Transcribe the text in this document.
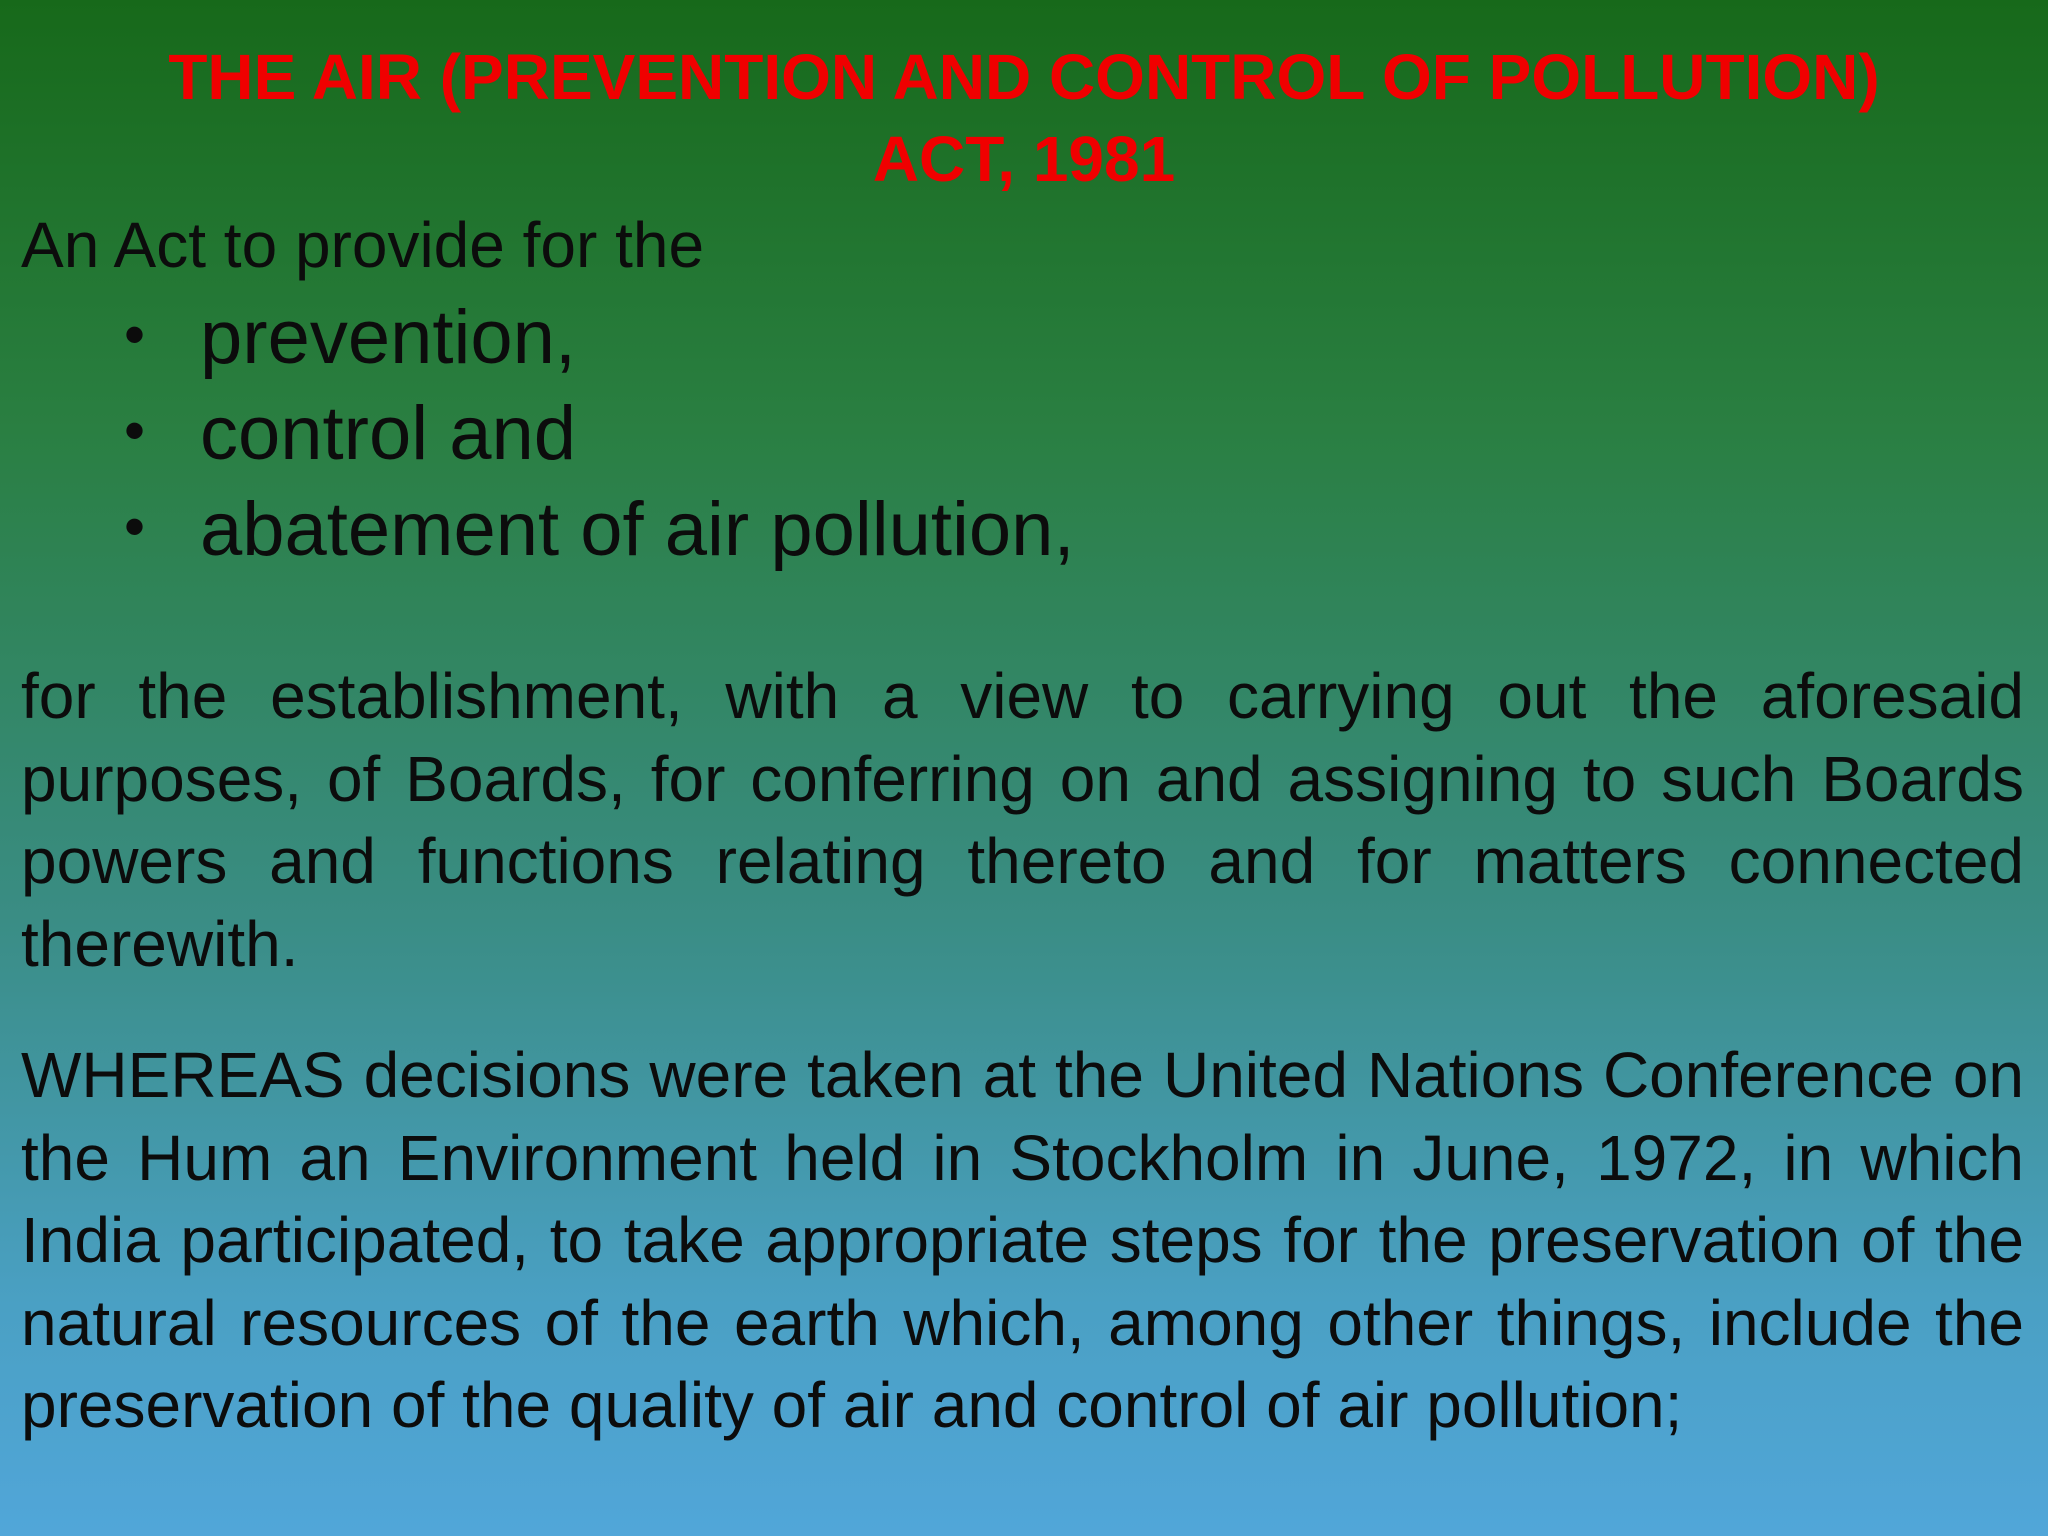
THE AIR (PREVENTION AND CONTROL OF POLLUTION)
ACT, 1981
An Act to provide for the
• prevention,
• control and
• abatement of air pollution,

for the establishment, with a view to carrying out the aforesaid purposes, of Boards, for conferring on and assigning to such Boards powers and functions relating thereto and for matters connected therewith.

WHEREAS decisions were taken at the United Nations Conference on the Hum an Environment held in Stockholm in June, 1972, in which India participated, to take appropriate steps for the preservation of the natural resources of the earth which, among other things, include the preservation of the quality of air and control of air pollution;
